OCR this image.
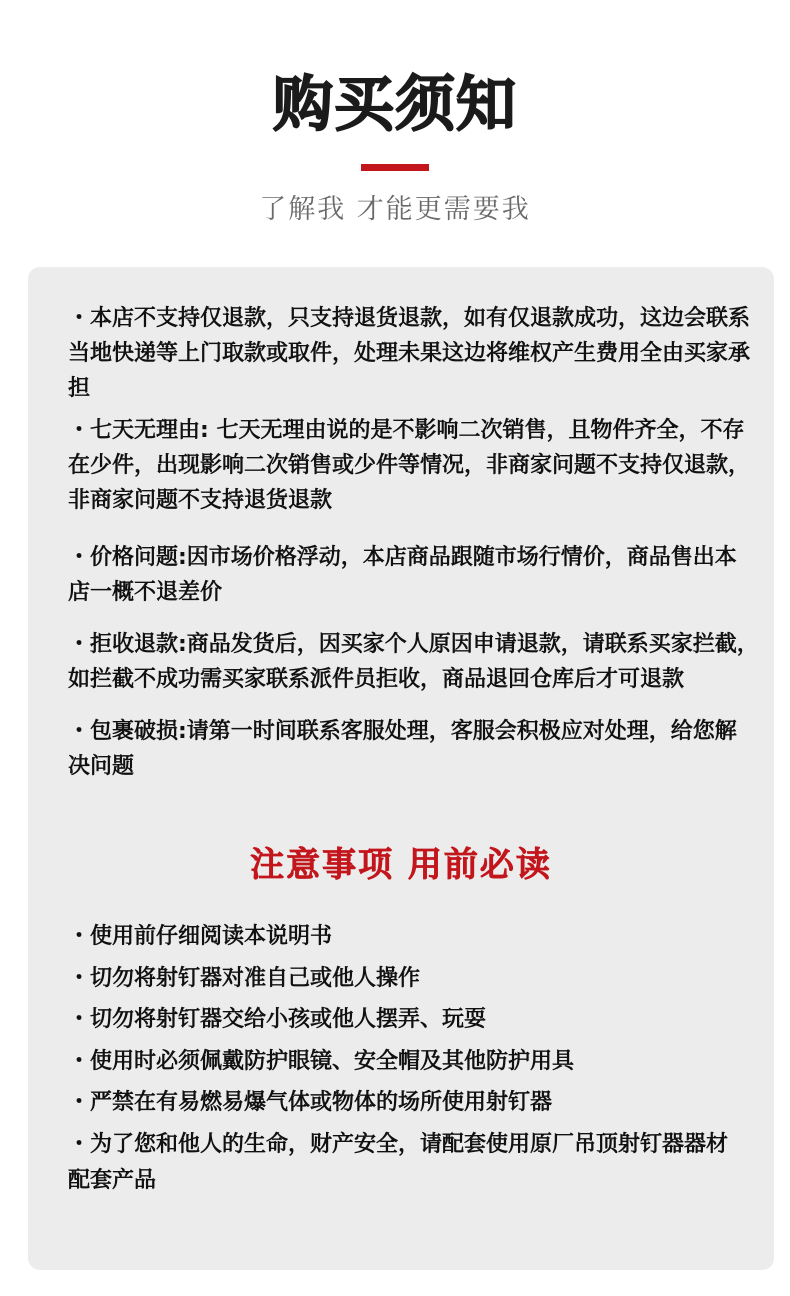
购买须知
了解我 才能更需要我
・本店不支持仅退款，只支持退货退款，如有仅退款成功，这边会联系
当地快递等上门取款或取件，处理未果这边将维权产生费用全由买家承
担
・七天无理由: 七天无理由说的是不影响二次销售，且物件齐全，不存
在少件，出现影响二次销售或少件等情况，非商家问题不支持仅退款，
非商家问题不支持退货退款
・价格问题:因市场价格浮动，本店商品跟随市场行情价，商品售出本
店一概不退差价
・拒收退款:商品发货后，因买家个人原因申请退款，请联系买家拦截，
如拦截不成功需买家联系派件员拒收，商品退回仓库后才可退款
・包裹破损:请第一时间联系客服处理，客服会积极应对处理，给您解
决问题
注意事项 用前必读
・使用前仔细阅读本说明书
・切勿将射钉器对准自己或他人操作
・切勿将射钉器交给小孩或他人摆弄、玩耍
・使用时必须佩戴防护眼镜、安全帽及其他防护用具
・严禁在有易燃易爆气体或物体的场所使用射钉器
・为了您和他人的生命，财产安全，请配套使用原厂吊顶射钉器器材
配套产品
